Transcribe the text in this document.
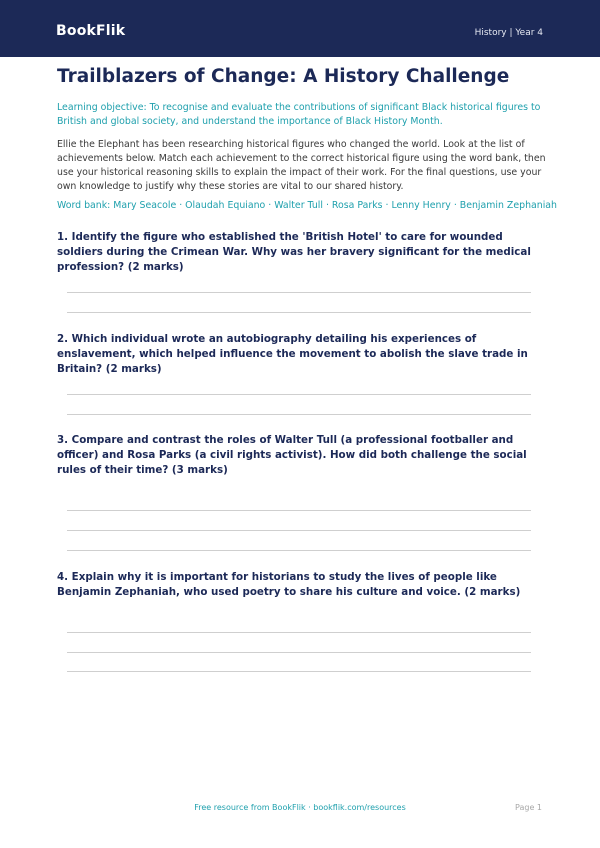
BookFlik	History | Year 4
Trailblazers of Change: A History Challenge
Learning objective: To recognise and evaluate the contributions of significant Black historical figures to British and global society, and understand the importance of Black History Month.
Ellie the Elephant has been researching historical figures who changed the world. Look at the list of achievements below. Match each achievement to the correct historical figure using the word bank, then use your historical reasoning skills to explain the impact of their work. For the final questions, use your own knowledge to justify why these stories are vital to our shared history.
Word bank: Mary Seacole · Olaudah Equiano · Walter Tull · Rosa Parks · Lenny Henry · Benjamin Zephaniah
1. Identify the figure who established the 'British Hotel' to care for wounded soldiers during the Crimean War. Why was her bravery significant for the medical profession? (2 marks)
2. Which individual wrote an autobiography detailing his experiences of enslavement, which helped influence the movement to abolish the slave trade in Britain? (2 marks)
3. Compare and contrast the roles of Walter Tull (a professional footballer and officer) and Rosa Parks (a civil rights activist). How did both challenge the social rules of their time? (3 marks)
4. Explain why it is important for historians to study the lives of people like Benjamin Zephaniah, who used poetry to share his culture and voice. (2 marks)
Free resource from BookFlik · bookflik.com/resources	Page 1
